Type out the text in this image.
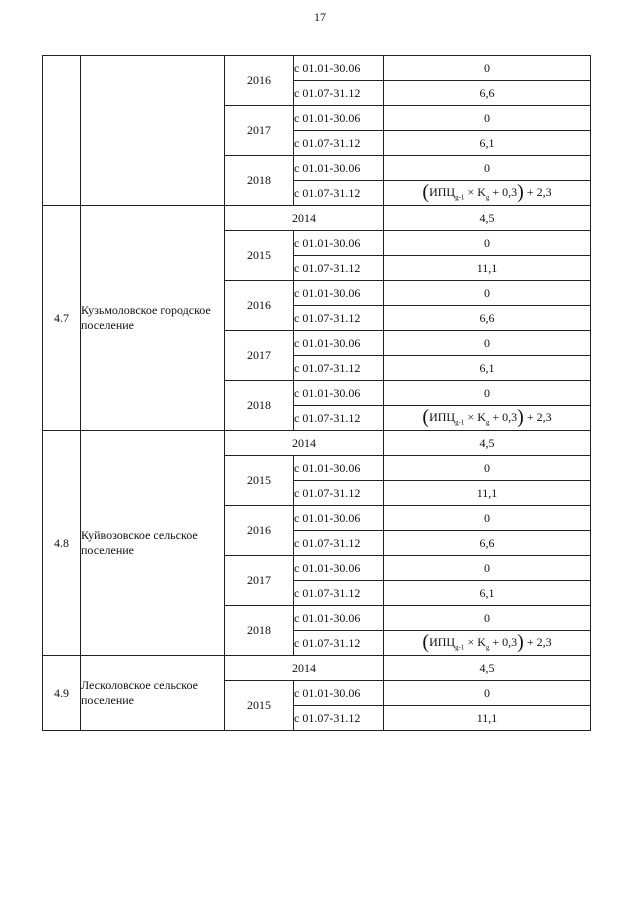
17
		2016	с 01.01-30.06	0
			с 01.07-31.12	6,6
		2017	с 01.01-30.06	0
			с 01.07-31.12	6,1
		2018	с 01.01-30.06	0
			с 01.07-31.12	$(ИПЦ_{g-1} \times K_g + 0,3) + 2,3$
4.7	Кузьмоловское городское поселение	2014		4,5
		2015	с 01.01-30.06	0
			с 01.07-31.12	11,1
		2016	с 01.01-30.06	0
			с 01.07-31.12	6,6
		2017	с 01.01-30.06	0
			с 01.07-31.12	6,1
		2018	с 01.01-30.06	0
			с 01.07-31.12	$(ИПЦ_{g-1} \times K_g + 0,3) + 2,3$
4.8	Куйвозовское сельское поселение	2014		4,5
		2015	с 01.01-30.06	0
			с 01.07-31.12	11,1
		2016	с 01.01-30.06	0
			с 01.07-31.12	6,6
		2017	с 01.01-30.06	0
			с 01.07-31.12	6,1
		2018	с 01.01-30.06	0
			с 01.07-31.12	$(ИПЦ_{g-1} \times K_g + 0,3) + 2,3$
4.9	Лесколовское сельское поселение	2014		4,5
		2015	с 01.01-30.06	0
			с 01.07-31.12	11,1
